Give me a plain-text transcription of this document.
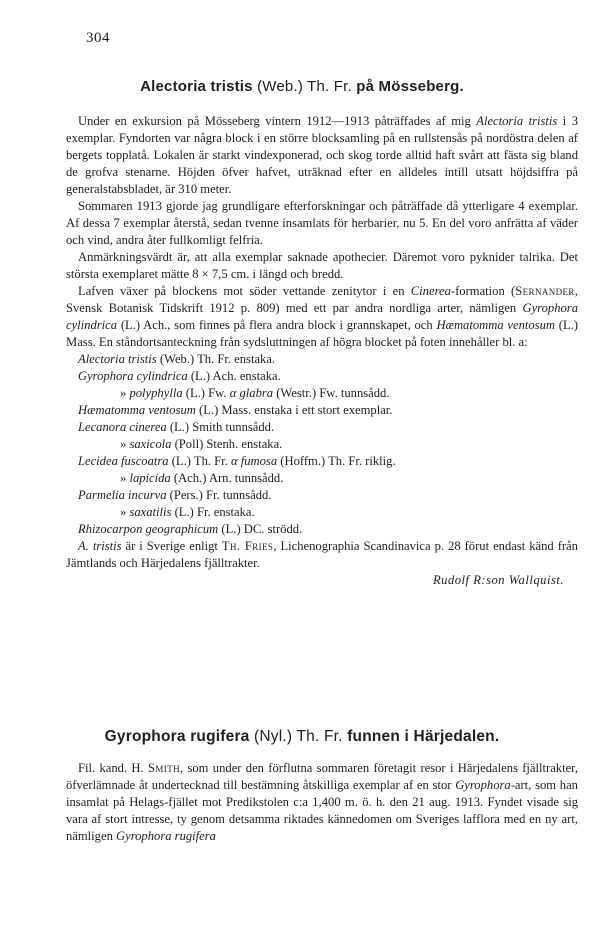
304
Alectoria tristis (Web.) Th. Fr. på Mösseberg.

Under en exkursion på Mösseberg vintern 1912—1913 påträffades af mig Alectoria tristis i 3 exemplar. Fyndorten var några block i en större blocksamling på en rullstensås på nordöstra delen af bergets topplatå. Lokalen är starkt vindexponerad, och skog torde alltid haft svårt att fästa sig bland de grofva stenarne. Höjden öfver hafvet, uträknad efter en alldeles intill utsatt höjdsiffra på generalstabsbladet, är 310 meter.

Sommaren 1913 gjorde jag grundligare efterforskningar och påträffade då ytterligare 4 exemplar. Af dessa 7 exemplar återstå, sedan tvenne insamlats för herbarier, nu 5. En del voro anfrätta af väder och vind, andra åter fullkomligt felfria.

Anmärkningsvärdt är, att alla exemplar saknade apothecier. Däremot voro pyknider talrika. Det största exemplaret mätte 8 × 7,5 cm. i längd och bredd.

Lafven växer på blockens mot söder vettande zenitytor i en Cinerea-formation (Sernander, Svensk Botanisk Tidskrift 1912 p. 809) med ett par andra nordliga arter, nämligen Gyrophora cylindrica (L.) Ach., som finnes på flera andra block i grannskapet, och Hæmatomma ventosum (L.) Mass. En ståndortsanteckning från sydsluttningen af högra blocket på foten innehåller bl. a:

Alectoria tristis (Web.) Th. Fr. enstaka.
Gyrophora cylindrica (L.) Ach. enstaka.
» polyphylla (L.) Fw. α glabra (Westr.) Fw. tunnsådd.
Hæmatomma ventosum (L.) Mass. enstaka i ett stort exemplar.
Lecanora cinerea (L.) Smith tunnsådd.
» saxicola (Poll) Stenh. enstaka.
Lecidea fuscoatra (L.) Th. Fr. α fumosa (Hoffm.) Th. Fr. riklig.
» lapicida (Ach.) Arn. tunnsådd.
Parmelia incurva (Pers.) Fr. tunnsådd.
» saxatilis (L.) Fr. enstaka.
Rhizocarpon geographicum (L.) DC. strödd.

A. tristis är i Sverige enligt Th. Fries, Lichenographia Scandinavica p. 28 förut endast känd från Jämtlands och Härjedalens fjälltrakter.

Rudolf R:son Wallquist.

Gyrophora rugifera (Nyl.) Th. Fr. funnen i Härjedalen.

Fil. kand. H. Smith, som under den förflutna sommaren företagit resor i Härjedalens fjälltrakter, öfverlämnade åt undertecknad till bestämning åtskilliga exemplar af en stor Gyrophora-art, som han insamlat på Helags-fjället mot Predikstolen c:a 1,400 m. ö. h. den 21 aug. 1913. Fyndet visade sig vara af stort intresse, ty genom detsamma riktades kännedomen om Sveriges lafflora med en ny art, nämligen Gyrophora rugifera
